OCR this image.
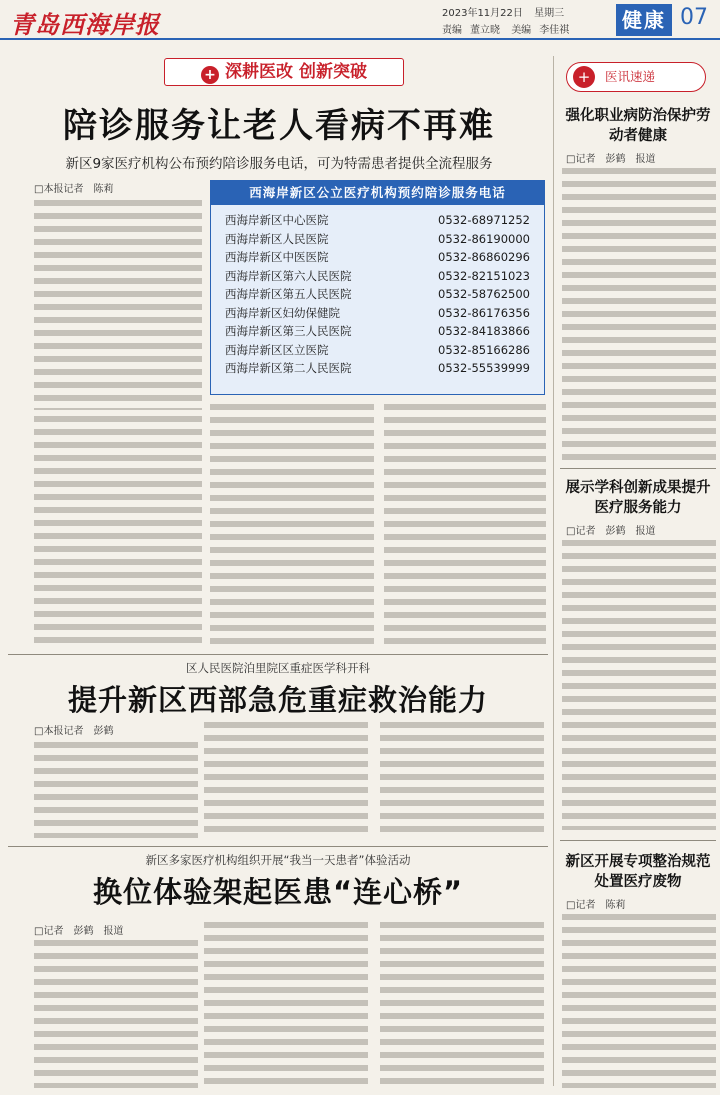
青岛西海岸报	2023年11月22日 星期三
责编 董立晓 美编 李佳祺	健康 07
+ 深耕医改 创新突破
陪诊服务让老人看病不再难
新区9家医疗机构公布预约陪诊服务电话，可为特需患者提供全流程服务
□本报记者　陈莉	西海岸新区公立医疗机构预约陪诊服务电话
西海岸新区中心医院	0532-68971252
西海岸新区人民医院	0532-86190000
西海岸新区中医医院	0532-86860296
西海岸新区第六人民医院	0532-82151023
西海岸新区第五人民医院	0532-58762500
西海岸新区妇幼保健院	0532-86176356
西海岸新区第三人民医院	0532-84183866
西海岸新区区立医院	0532-85166286
西海岸新区第二人民医院	0532-55539999
区人民医院泊里院区重症医学科开科
提升新区西部急危重症救治能力
□本报记者　彭鹤
新区多家医疗机构组织开展“我当一天患者”体验活动
换位体验架起医患“连心桥”
□记者　彭鹤　报道
+	医讯速递
强化职业病防治保护劳动者健康
□记者　彭鹤　报道
展示学科创新成果提升医疗服务能力
□记者　彭鹤　报道
新区开展专项整治规范处置医疗废物
□记者　陈莉
